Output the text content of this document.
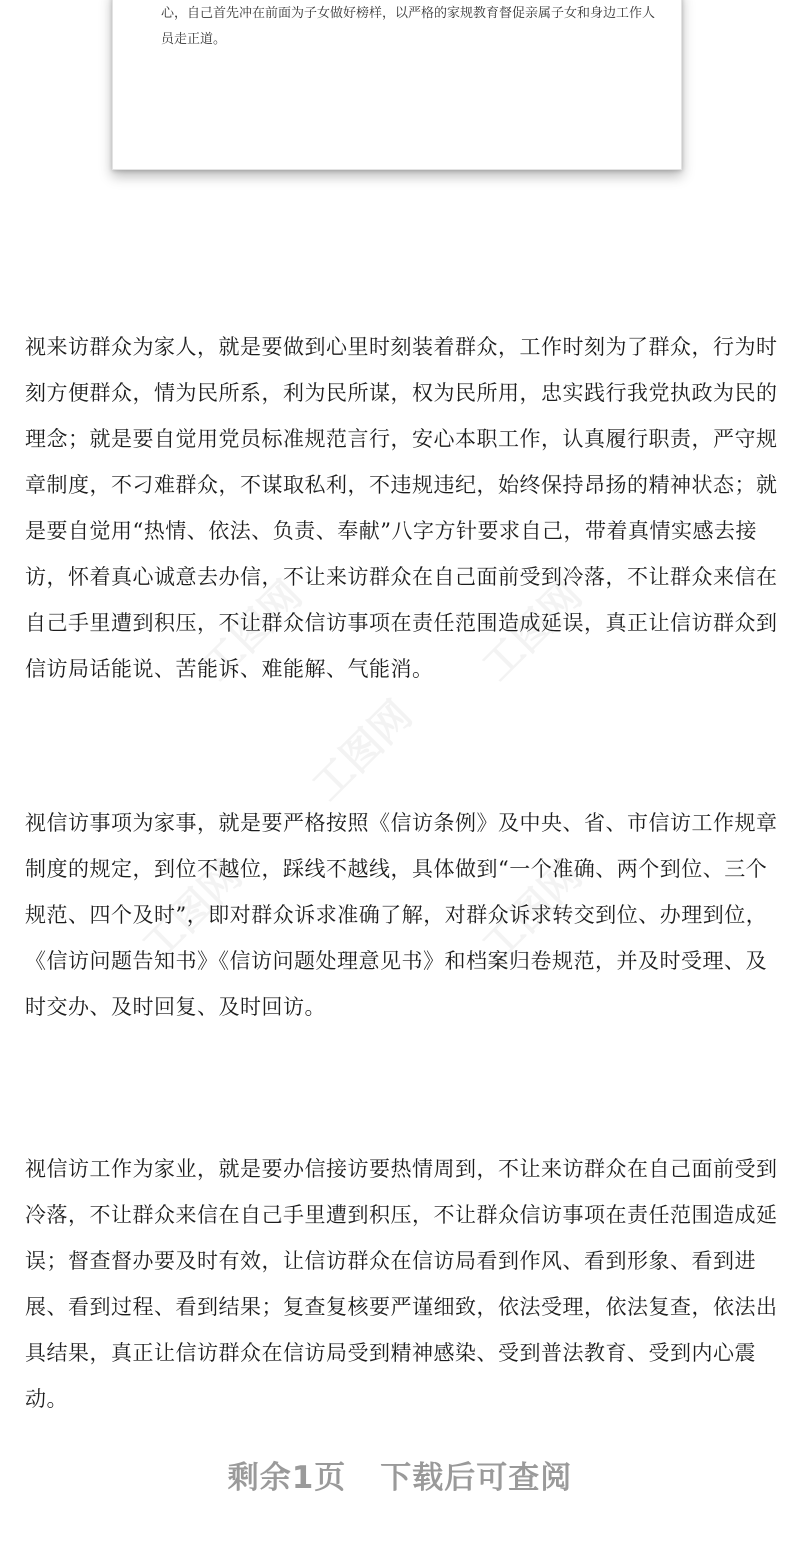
工图网	工图网
工图网
工图网	工图网
心，自己首先冲在前面为子女做好榜样，以严格的家规教育督促亲属子女和身边工作人员走正道。

视来访群众为家人，就是要做到心里时刻装着群众，工作时刻为了群众，行为时刻方便群众，情为民所系，利为民所谋，权为民所用，忠实践行我党执政为民的理念；就是要自觉用党员标准规范言行，安心本职工作，认真履行职责，严守规章制度，不刁难群众，不谋取私利，不违规违纪，始终保持昂扬的精神状态；就是要自觉用“热情、依法、负责、奉献”八字方针要求自己，带着真情实感去接访，怀着真心诚意去办信，不让来访群众在自己面前受到冷落，不让群众来信在自己手里遭到积压，不让群众信访事项在责任范围造成延误，真正让信访群众到信访局话能说、苦能诉、难能解、气能消。

视信访事项为家事，就是要严格按照《信访条例》及中央、省、市信访工作规章制度的规定，到位不越位，踩线不越线，具体做到“一个准确、两个到位、三个规范、四个及时”，即对群众诉求准确了解，对群众诉求转交到位、办理到位，《信访问题告知书》《信访问题处理意见书》和档案归卷规范，并及时受理、及时交办、及时回复、及时回访。

视信访工作为家业，就是要办信接访要热情周到，不让来访群众在自己面前受到冷落，不让群众来信在自己手里遭到积压，不让群众信访事项在责任范围造成延误；督查督办要及时有效，让信访群众在信访局看到作风、看到形象、看到进展、看到过程、看到结果；复查复核要严谨细致，依法受理，依法复查，依法出具结果，真正让信访群众在信访局受到精神感染、受到普法教育、受到内心震动。

剩余1页 下载后可查阅
